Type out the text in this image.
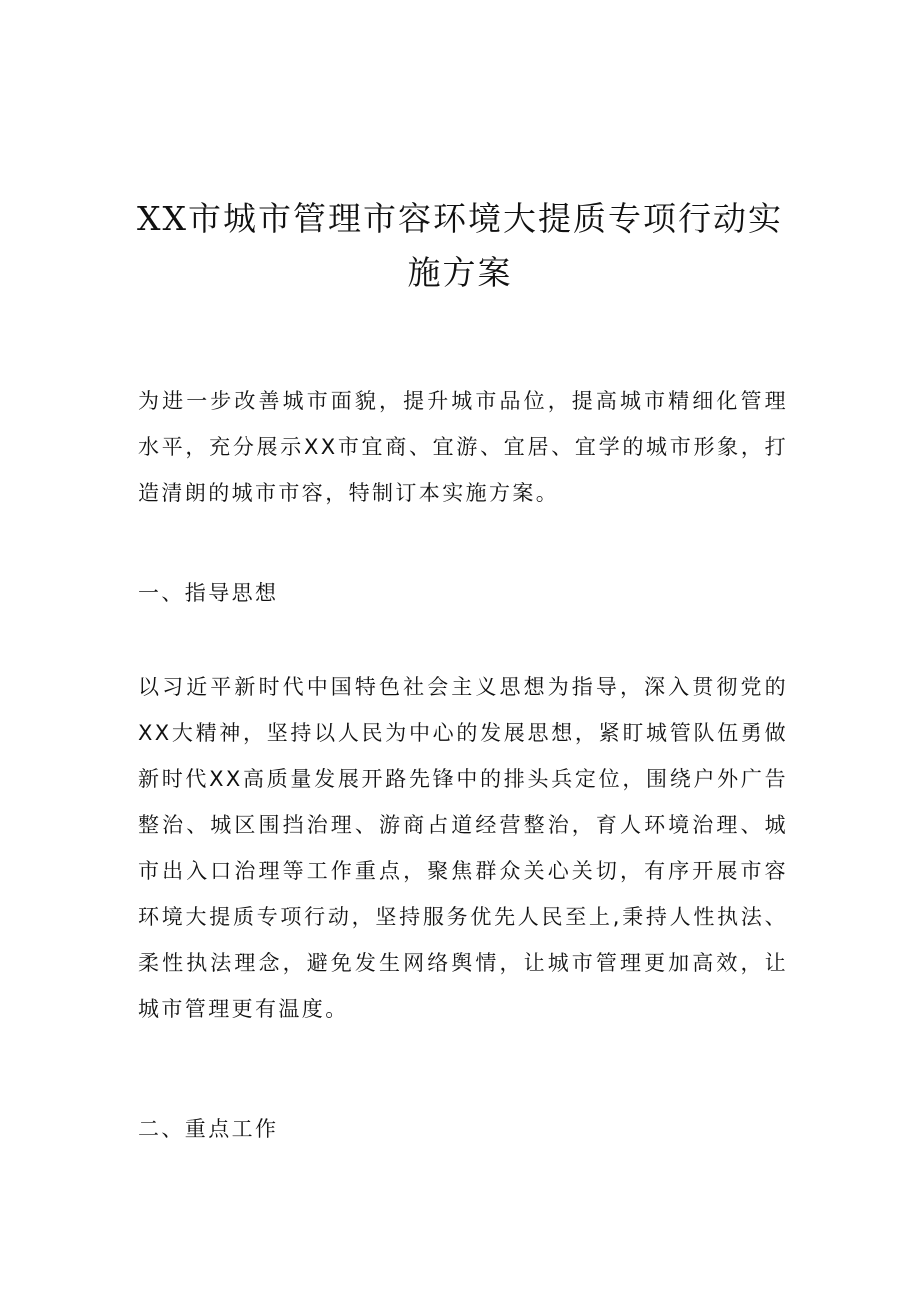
XX市城市管理市容环境大提质专项行动实
施方案

为进一步改善城市面貌，提升城市品位，提高城市精细化管理水平，充分展示XX市宜商、宜游、宜居、宜学的城市形象，打造清朗的城市市容，特制订本实施方案。

一、指导思想

以习近平新时代中国特色社会主义思想为指导，深入贯彻党的XX大精神，坚持以人民为中心的发展思想，紧盯城管队伍勇做新时代XX高质量发展开路先锋中的排头兵定位，围绕户外广告整治、城区围挡治理、游商占道经营整治，育人环境治理、城市出入口治理等工作重点，聚焦群众关心关切，有序开展市容环境大提质专项行动，坚持服务优先人民至上,秉持人性执法、柔性执法理念，避免发生网络舆情，让城市管理更加高效，让城市管理更有温度。

二、重点工作
